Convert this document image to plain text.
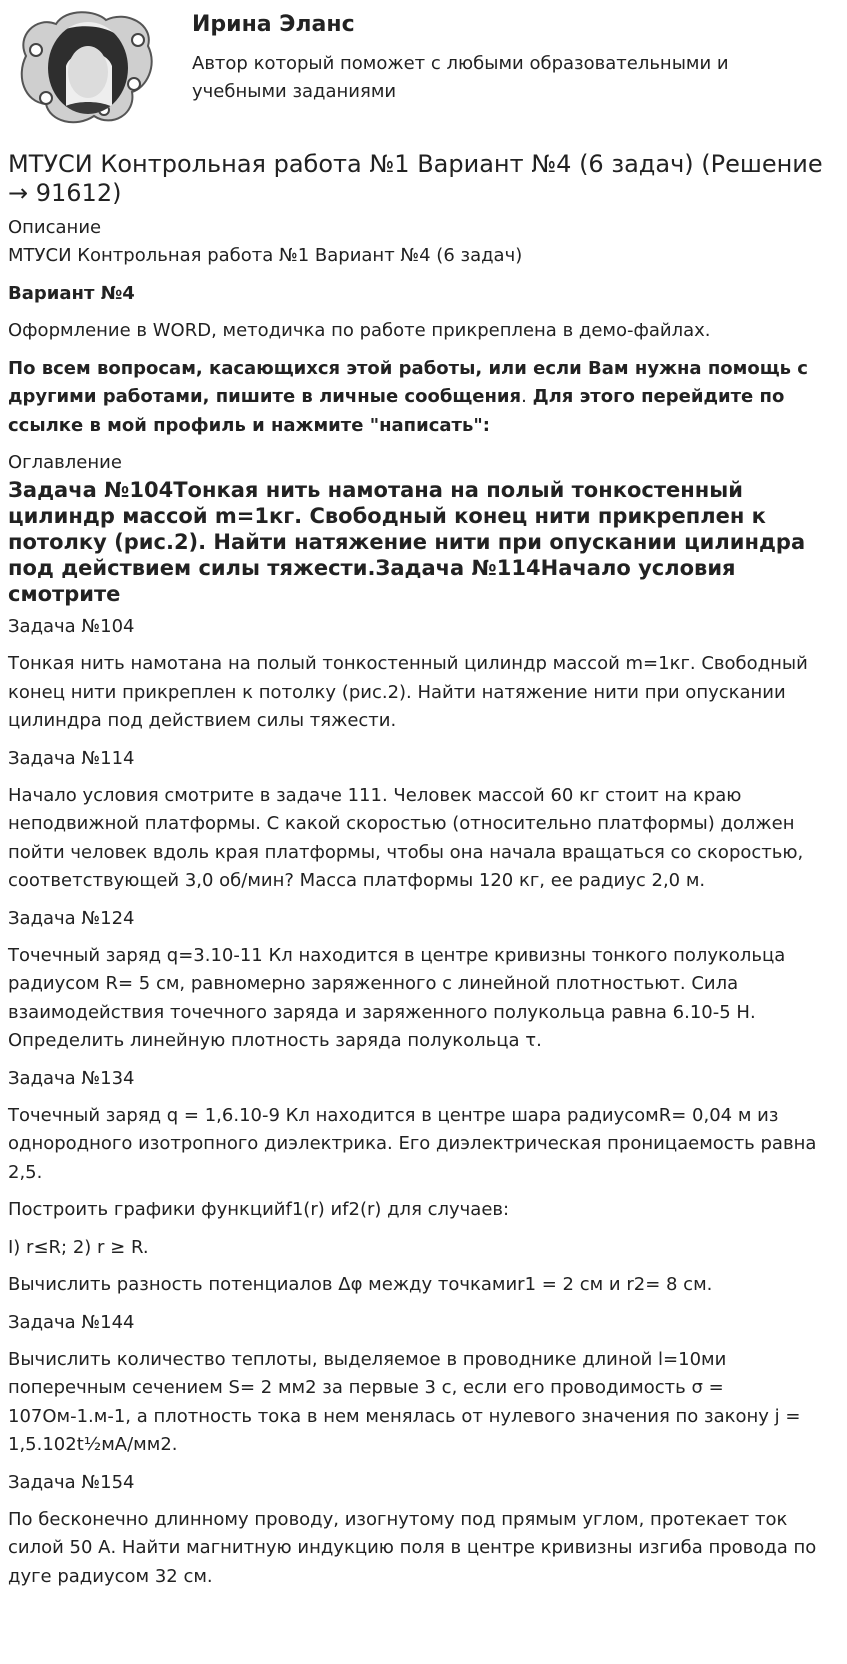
Ирина Эланс

Автор который поможет с любыми образовательными и учебными заданиями

МТУСИ Контрольная работа №1 Вариант №4 (6 задач) (Решение → 91612)
Описание

МТУСИ Контрольная работа №1 Вариант №4 (6 задач)

Вариант №4

Оформление в WORD, методичка по работе прикреплена в демо-файлах.

По всем вопросам, касающихся этой работы, или если Вам нужна помощь с другими работами, пишите в личные сообщения. Для этого перейдите по ссылке в мой профиль и нажмите "написать":

Оглавление
Задача №104Тонкая нить намотана на полый тонкостенный цилиндр массой m=1кг. Свободный конец нити прикреплен к потолку (рис.2). Найти натяжение нити при опускании цилиндра под действием силы тяжести.Задача №114Начало условия смотрите
Задача №104

Тонкая нить намотана на полый тонкостенный цилиндр массой m=1кг. Свободный конец нити прикреплен к потолку (рис.2). Найти натяжение нити при опускании цилиндра под действием силы тяжести.

Задача №114

Начало условия смотрите в задаче 111. Человек массой 60 кг стоит на краю неподвижной платформы. С какой скоростью (относительно платформы) должен пойти человек вдоль края платформы, чтобы она начала вращаться со скоростью, соответствующей 3,0 об/мин? Масса платформы 120 кг, ее радиус 2,0 м.

Задача №124

Точечный заряд q=3.10-11 Кл находится в центре кривизны тонкого полукольца радиусом R= 5 см, равномерно заряженного с линейной плотностьют. Сила взаимодействия точечного заряда и заряженного полукольца равна 6.10-5 Н. Определить линейную плотность заряда полукольца τ.

Задача №134

Точечный заряд q = 1,6.10-9 Кл находится в центре шара радиусомR= 0,04 м из однородного изотропного диэлектрика. Его диэлектрическая проницаемость равна 2,5.

Построить графики функцийf1(r) иf2(r) для случаев:

I) r≤R; 2) r ≥ R.

Вычислить разность потенциалов Δφ между точкамиr1 = 2 см и r2= 8 см.

Задача №144

Вычислить количество теплоты, выделяемое в проводнике длиной l=10ми поперечным сечением S= 2 мм2 за первые 3 с, если его проводимость σ = 107Ом-1.м-1, а плотность тока в нем менялась от нулевого значения по закону j = 1,5.102t½мА/мм2.

Задача №154

По бесконечно длинному проводу, изогнутому под прямым углом, протекает ток силой 50 А. Найти магнитную индукцию поля в центре кривизны изгиба провода по дуге радиусом 32 см.
